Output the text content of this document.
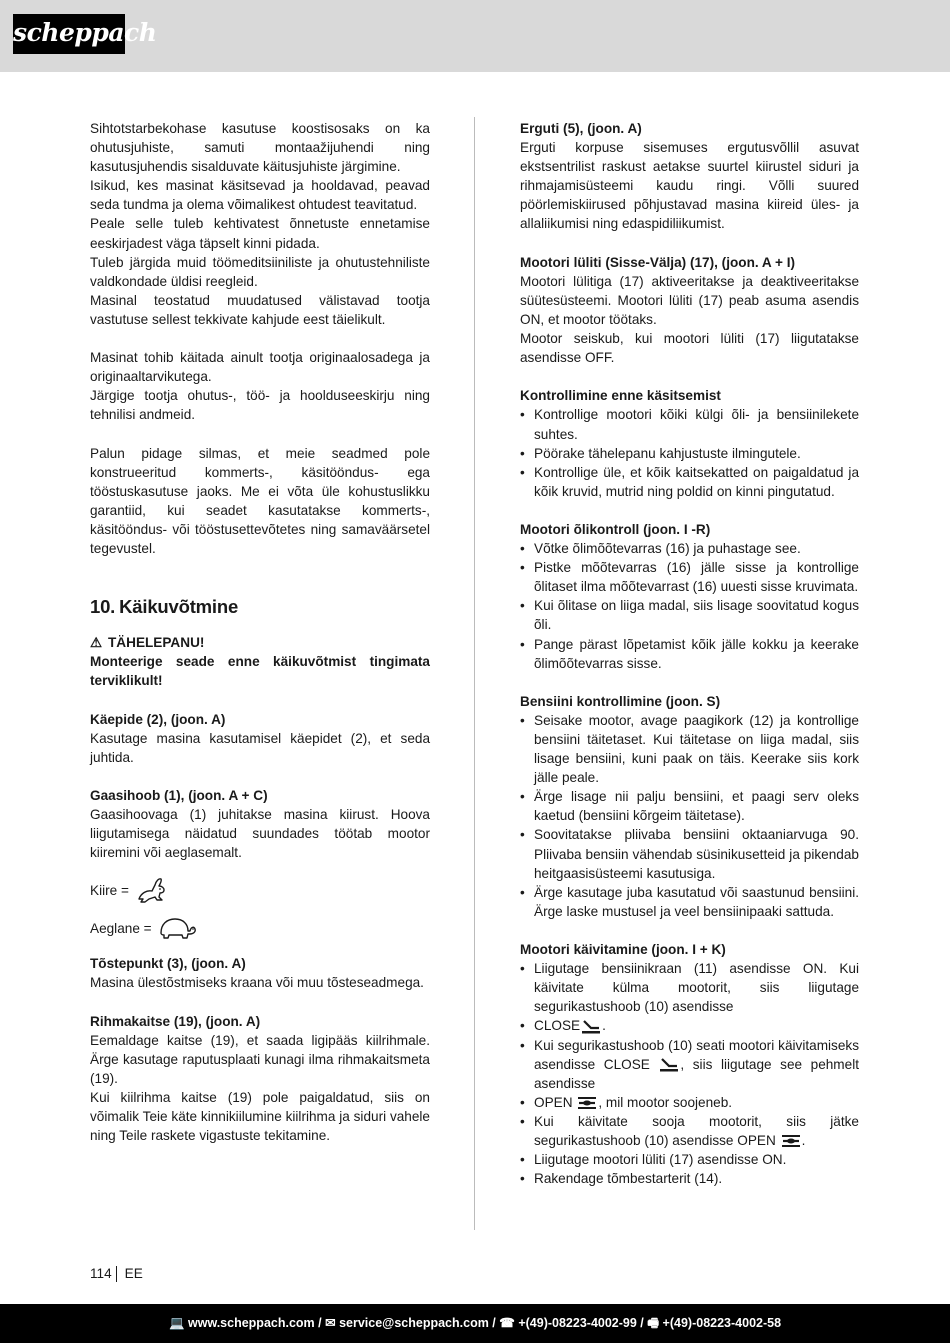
scheppach

Sihtotstarbekohase kasutuse koostisosaks on ka ohutusjuhiste, samuti montaažijuhendi ning kasutusjuhendis sisalduvate käitusjuhiste järgimine.

Isikud, kes masinat käsitsevad ja hooldavad, peavad seda tundma ja olema võimalikest ohtudest teavitatud.

Peale selle tuleb kehtivatest õnnetuste ennetamise eeskirjadest väga täpselt kinni pidada.

Tuleb järgida muid töömeditsiiniliste ja ohutustehniliste valdkondade üldisi reegleid.

Masinal teostatud muudatused välistavad tootja vastutuse sellest tekkivate kahjude eest täielikult.

Masinat tohib käitada ainult tootja originaalosadega ja originaaltarvikutega.

Järgige tootja ohutus-, töö- ja hoolduseeskirju ning tehnilisi andmeid.

Palun pidage silmas, et meie seadmed pole konstrueeritud kommerts-, käsitööndus- ega tööstuskasutuse jaoks. Me ei võta üle kohustuslikku garantiid, kui seadet kasutatakse kommerts-, käsitööndus- või tööstusettevõtetes ning samaväärsetel tegevustel.

10. Käikuvõtmine

⚠ TÄHELEPANU!

Monteerige seade enne käikuvõtmist tingimata terviklikult!

Käepide (2), (joon. A)

Kasutage masina kasutamisel käepidet (2), et seda juhtida.

Gaasihoob (1), (joon. A + C)

Gaasihoovaga (1) juhitakse masina kiirust. Hoova liigutamisega näidatud suundades töötab mootor kiiremini või aeglasemalt.

Kiire =
Aeglane =

Tõstepunkt (3), (joon. A)

Masina ülestõstmiseks kraana või muu tõsteseadmega.

Rihmakaitse (19), (joon. A)

Eemaldage kaitse (19), et saada ligipääs kiilrihmale. Ärge kasutage raputusplaati kunagi ilma rihmakaitsmeta (19).

Kui kiilrihma kaitse (19) pole paigaldatud, siis on võimalik Teie käte kinnikiilumine kiilrihma ja siduri vahele ning Teile raskete vigastuste tekitamine.

Erguti (5), (joon. A)

Erguti korpuse sisemuses ergutusvõllil asuvat ekstsentrilist raskust aetakse suurtel kiirustel siduri ja rihmajamisüsteemi kaudu ringi. Võlli suured pöörlemiskiirused põhjustavad masina kiireid üles- ja allaliikumisi ning edaspidiliikumist.

Mootori lüliti (Sisse-Välja) (17), (joon. A + I)

Mootori lülitiga (17) aktiveeritakse ja deaktiveeritakse süütesüsteemi. Mootori lüliti (17) peab asuma asendis ON, et mootor töötaks.

Mootor seiskub, kui mootori lüliti (17) liigutatakse asendisse OFF.

Kontrollimine enne käsitsemist

• Kontrollige mootori kõiki külgi õli- ja bensiinilekete suhtes.
• Pöörake tähelepanu kahjustuste ilmingutele.
• Kontrollige üle, et kõik kaitsekatted on paigaldatud ja kõik kruvid, mutrid ning poldid on kinni pingutatud.

Mootori õlikontroll (joon. I -R)

• Võtke õlimõõtevarras (16) ja puhastage see.
• Pistke mõõtevarras (16) jälle sisse ja kontrollige õlitaset ilma mõõtevarrast (16) uuesti sisse kruvimata.
• Kui õlitase on liiga madal, siis lisage soovitatud kogus õli.
• Pange pärast lõpetamist kõik jälle kokku ja keerake õlimõõtevarras sisse.

Bensiini kontrollimine (joon. S)

• Seisake mootor, avage paagikork (12) ja kontrollige bensiini täitetaset. Kui täitetase on liiga madal, siis lisage bensiini, kuni paak on täis. Keerake siis kork jälle peale.
• Ärge lisage nii palju bensiini, et paagi serv oleks kaetud (bensiini kõrgeim täitetase).
• Soovitatakse pliivaba bensiini oktaaniarvuga 90. Pliivaba bensiin vähendab süsinikusetteid ja pikendab heitgaasisüsteemi kasutusiga.
• Ärge kasutage juba kasutatud või saastunud bensiini. Ärge laske mustusel ja veel bensiinipaaki sattuda.

Mootori käivitamine (joon. I + K)

• Liigutage bensiinikraan (11) asendisse ON. Kui käivitate külma mootorit, siis liigutage segurikastushoob (10) asendisse
• CLOSE .
• Kui segurikastushoob (10) seati mootori käivitamiseks asendisse CLOSE , siis liigutage see pehmelt asendisse
• OPEN , mil mootor soojeneb.
• Kui käivitate sooja mootorit, siis jätke segurikastushoob (10) asendisse OPEN .
• Liigutage mootori lüliti (17) asendisse ON.
• Rakendage tõmbestarterit (14).
114 EE
💻 www.scheppach.com / ✉ service@scheppach.com / ☎ +(49)-08223-4002-99 / 🖷 +(49)-08223-4002-58
